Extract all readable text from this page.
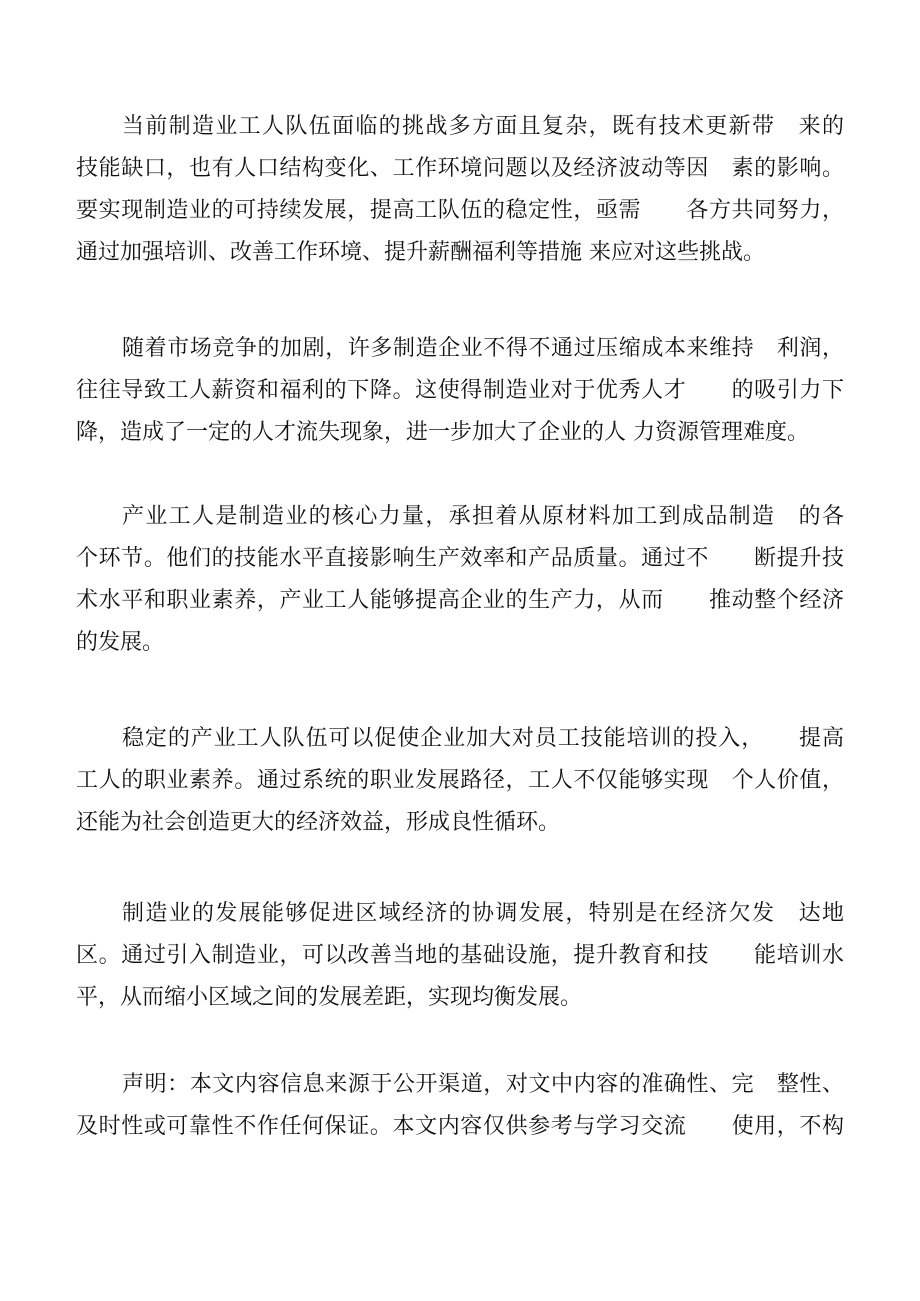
当前制造业工人队伍面临的挑战多方面且复杂，既有技术更新带　来的
技能缺口，也有人口结构变化、工作环境问题以及经济波动等因　素的影响。
要实现制造业的可持续发展，提高工队伍的稳定性，亟需　　各方共同努力，
通过加强培训、改善工作环境、提升薪酬福利等措施 来应对这些挑战。
随着市场竞争的加剧，许多制造企业不得不通过压缩成本来维持　利润，
往往导致工人薪资和福利的下降。这使得制造业对于优秀人才　　的吸引力下
降，造成了一定的人才流失现象，进一步加大了企业的人 力资源管理难度。
产业工人是制造业的核心力量，承担着从原材料加工到成品制造　的各
个环节。他们的技能水平直接影响生产效率和产品质量。通过不　　断提升技
术水平和职业素养，产业工人能够提高企业的生产力，从而　　推动整个经济
的发展。
稳定的产业工人队伍可以促使企业加大对员工技能培训的投入，　　提高
工人的职业素养。通过系统的职业发展路径，工人不仅能够实现　个人价值，
还能为社会创造更大的经济效益，形成良性循环。
制造业的发展能够促进区域经济的协调发展，特别是在经济欠发　达地
区。通过引入制造业，可以改善当地的基础设施，提升教育和技　　能培训水
平，从而缩小区域之间的发展差距，实现均衡发展。
声明：本文内容信息来源于公开渠道，对文中内容的准确性、完　整性、
及时性或可靠性不作任何保证。本文内容仅供参考与学习交流　　使用，不构
